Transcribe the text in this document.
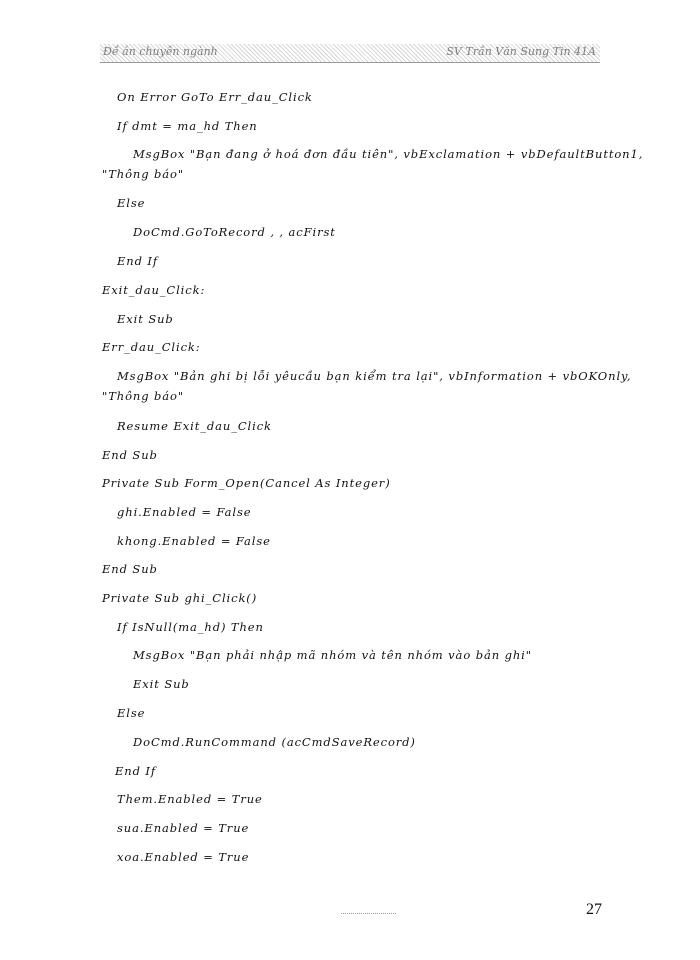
Đề án chuyên ngành	SV Trần Văn Sung Tin 41A
On Error GoTo Err_dau_Click
If dmt = ma_hd Then
MsgBox "Bạn đang ở hoá đơn đầu tiên", vbExclamation + vbDefaultButton1,
"Thông báo"
Else
DoCmd.GoToRecord , , acFirst
End If
Exit_dau_Click:
Exit Sub
Err_dau_Click:
MsgBox "Bản ghi bị lỗi yêucầu bạn kiểm tra lại", vbInformation + vbOKOnly,
"Thông báo"
Resume Exit_dau_Click
End Sub
Private Sub Form_Open(Cancel As Integer)
ghi.Enabled = False
khong.Enabled = False
End Sub
Private Sub ghi_Click()
If IsNull(ma_hd) Then
MsgBox "Bạn phải nhập mã nhóm và tên nhóm vào bản ghi"
Exit Sub
Else
DoCmd.RunCommand (acCmdSaveRecord)
End If
Them.Enabled = True
sua.Enabled = True
xoa.Enabled = True
27
